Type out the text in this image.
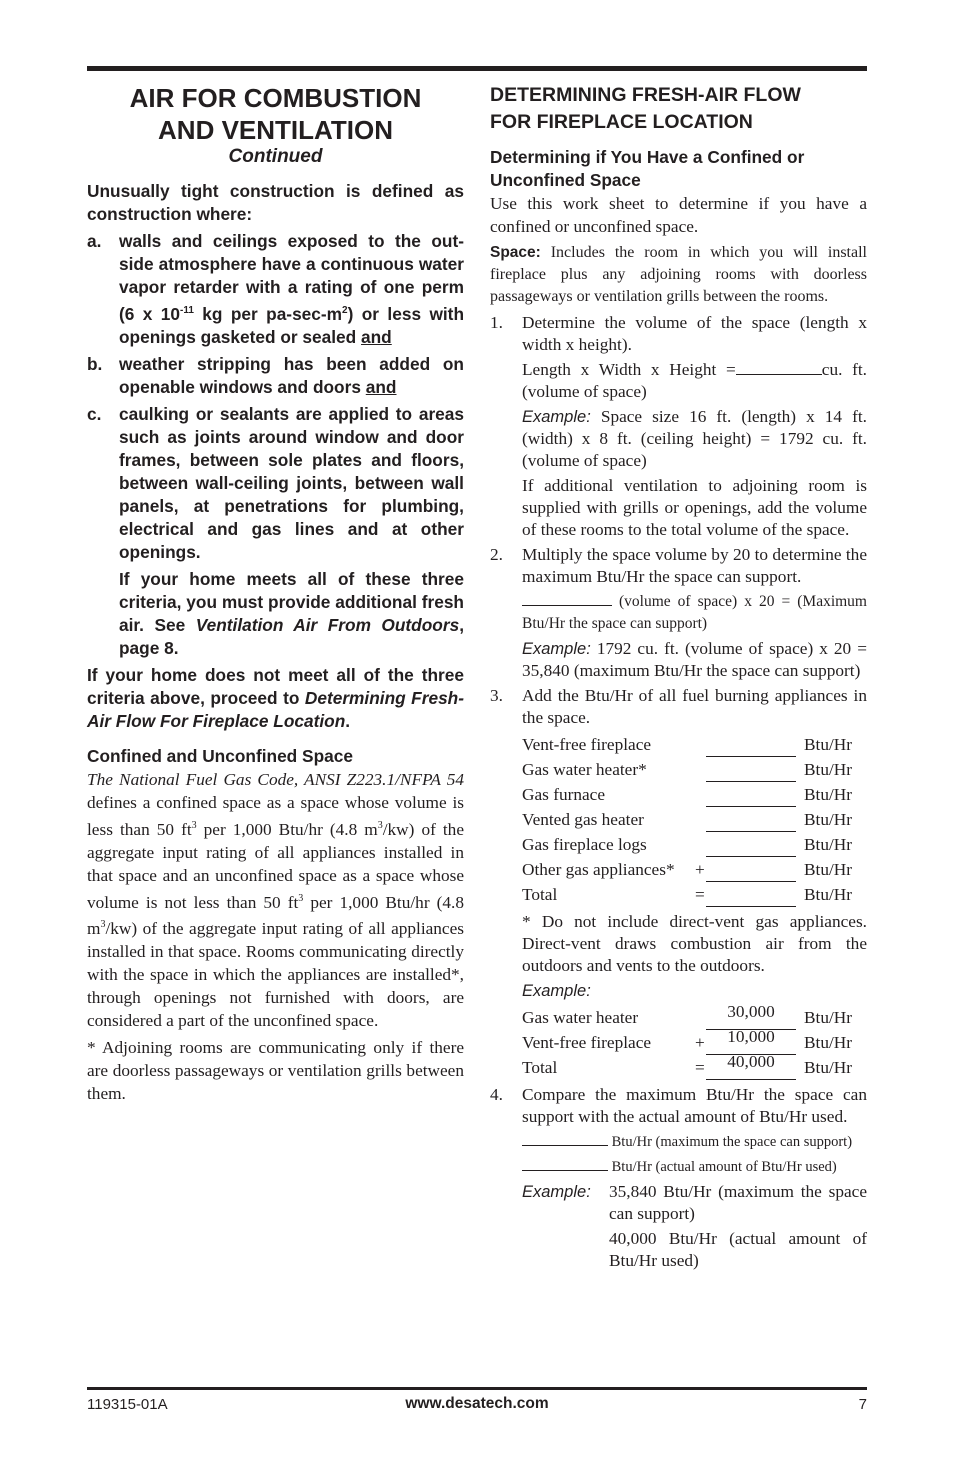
AIR FOR COMBUSTION
AND VENTILATION
Continued

Unusually tight construction is defined as construction where:

a.	walls and ceilings exposed to the out-side atmosphere have a continuous water vapor retarder with a rating of one perm (6 x $10^{-11}$ kg per $pa-\sec-m^2$) or less with openings gasketed or sealed and
b. weather stripping has been added on openable windows and doors and
c.	caulking or sealants are applied to areas such as joints around window and door frames, between sole plates and floors, between wall-ceiling joints, between wall panels, at penetrations for plumbing, electrical and gas lines and at other openings.
If your home meets all of these three criteria, you must provide additional fresh air. See Ventilation Air From Outdoors, page 8.

If your home does not meet all of the three criteria above, proceed to Determining Fresh-Air Flow For Fireplace Location.

Confined and Unconfined Space

The National Fuel Gas Code, ANSI Z223.1/NFPA 54 defines a confined space as a space whose volume is less than 50 $ft^3$ per 1,000 Btu/hr (4.8 $m^3/kw$) of the aggregate input rating of all appliances installed in that space and an unconfined space as a space whose volume is not less than 50 $ft^3$ per 1,000 Btu/hr (4.8 $m^3/kw$) of the aggregate input rating of all appliances installed in that space. Rooms communicating directly with the space in which the appliances are installed*, through openings not furnished with doors, are considered a part of the unconfined space.

* Adjoining rooms are communicating only if there are doorless passageways or ventilation grills between them.

DETERMINING FRESH-AIR FLOW
FOR FIREPLACE LOCATION
Determining if You Have a Confined or
Unconfined Space

Use this work sheet to determine if you have a confined or unconfined space.

Space: Includes the room in which you will install fireplace plus any adjoining rooms with doorless passageways or ventilation grills between the rooms.

1.	Determine the volume of the space (length x width x height).
Length x Width x Height =	cu. ft. (volume of space)
Example: Space size 16 ft. (length) x 14 ft. (width) x 8 ft. (ceiling height) = 1792 cu. ft. (volume of space)
If additional ventilation to adjoining room is supplied with grills or openings, add the volume of these rooms to the total volume of the space.
2.	Multiply the space volume by 20 to determine the maximum Btu/Hr the space can support.
(volume of space) x 20 = (Maximum Btu/Hr the space can support)
Example: 1792 cu. ft. (volume of space) x 20 = 35,840 (maximum Btu/Hr the space can support)
3.	Add the Btu/Hr of all fuel burning appliances in the space.
Vent-free fireplace	Btu/Hr
Gas water heater*	Btu/Hr
Gas furnace	Btu/Hr
Vented gas heater	Btu/Hr
Gas fireplace logs	Btu/Hr
Other gas appliances*	+	Btu/Hr
Total	=	Btu/Hr
* Do not include direct-vent gas appliances. Direct-vent draws combustion air from the outdoors and vents to the outdoors.
Example:
Gas water heater	30,000	Btu/Hr
Vent-free fireplace	+	10,000	Btu/Hr
Total	=	40,000	Btu/Hr
4.	Compare the maximum Btu/Hr the space can support with the actual amount of Btu/Hr used.
Btu/Hr (maximum the space can support)
Btu/Hr (actual amount of Btu/Hr used)
Example:	35,840 Btu/Hr (maximum the space can support)
40,000 Btu/Hr (actual amount of Btu/Hr used)
119315-01A	www.desatech.com	7
